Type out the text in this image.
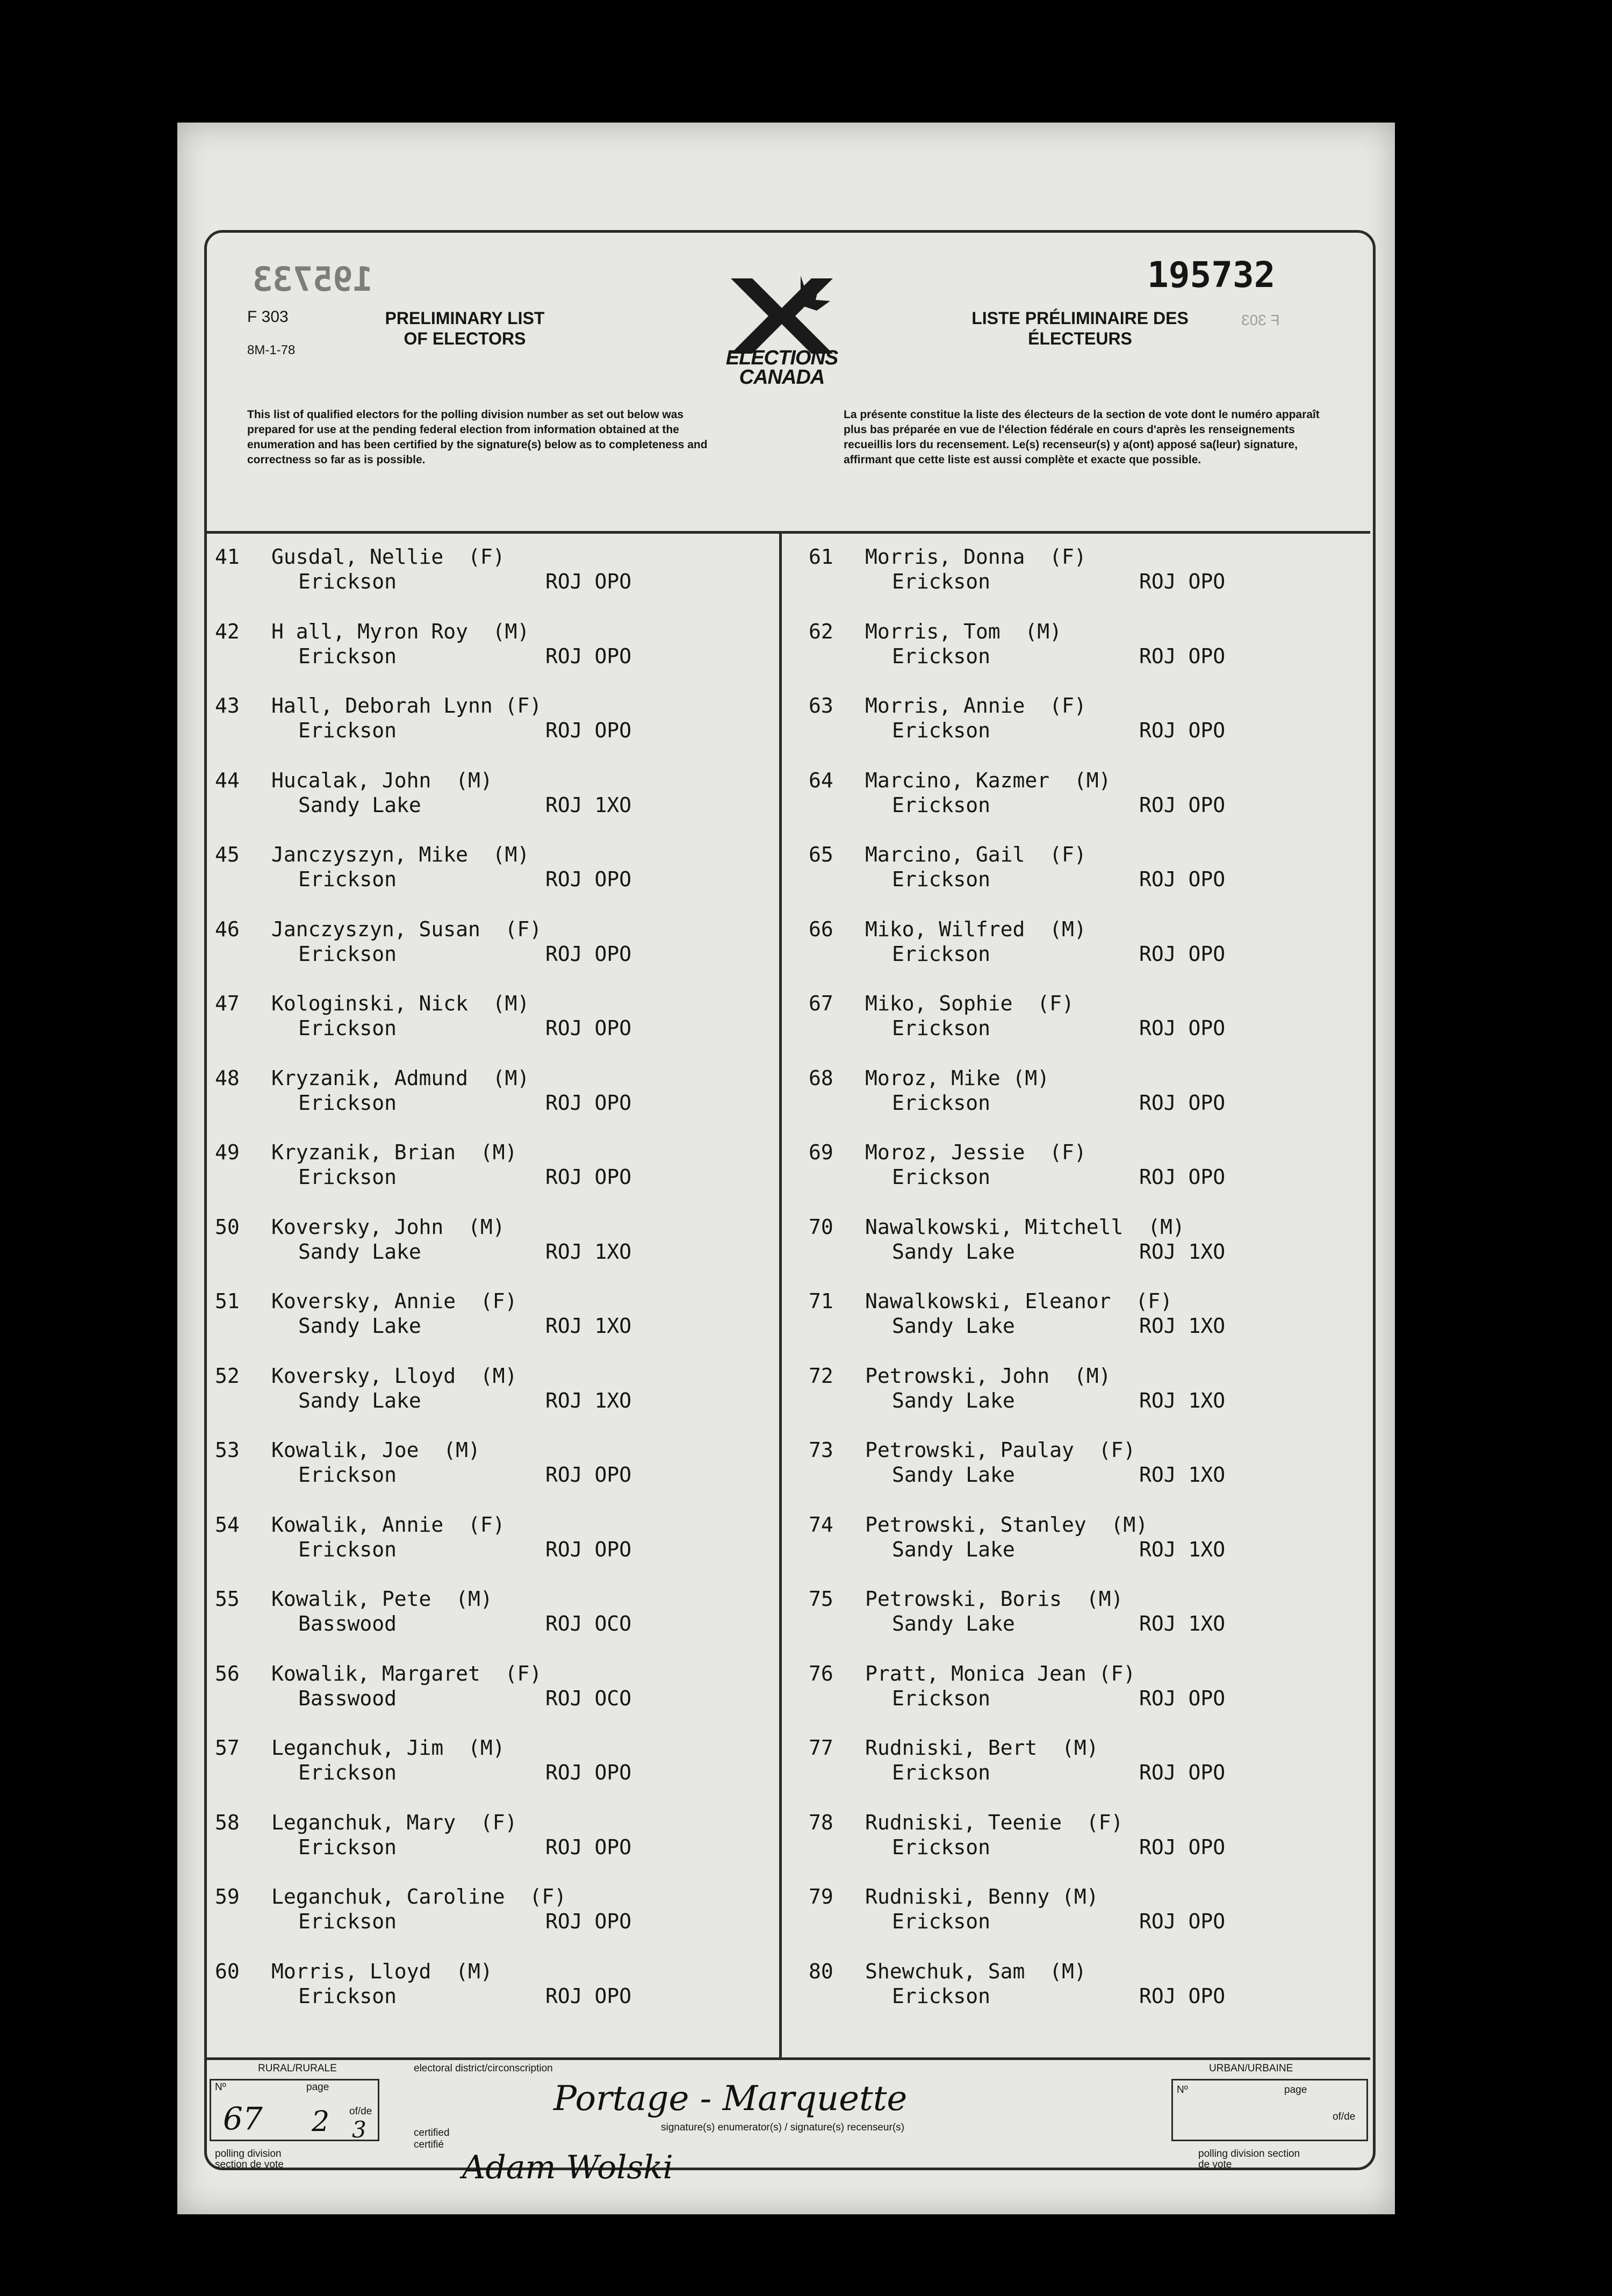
195733	195732
F 303
8M-1-78
PRELIMINARY LIST OF ELECTORS
LISTE PRÉLIMINAIRE DES ÉLECTEURS
F 303
ELECTIONS CANADA
This list of qualified electors for the polling division number as set out below was prepared for use at the pending federal election from information obtained at the enumeration and has been certified by the signature(s) below as to completeness and correctness so far as is possible.
La présente constitue la liste des électeurs de la section de vote dont le numéro apparaît plus bas préparée en vue de l'élection fédérale en cours d'après les renseignements recueillis lors du recensement. Le(s) recenseur(s) y a(ont) apposé sa(leur) signature, affirmant que cette liste est aussi complète et exacte que possible.
41	Gusdal, Nellie  (F)
Erickson	ROJ OPO
42	H all, Myron Roy  (M)
Erickson	ROJ OPO
43	Hall, Deborah Lynn (F)
Erickson	ROJ OPO
44	Hucalak, John  (M)
Sandy Lake	ROJ 1XO
45	Janczyszyn, Mike  (M)
Erickson	ROJ OPO
46	Janczyszyn, Susan  (F)
Erickson	ROJ OPO
47	Kologinski, Nick  (M)
Erickson	ROJ OPO
48	Kryzanik, Admund  (M)
Erickson	ROJ OPO
49	Kryzanik, Brian  (M)
Erickson	ROJ OPO
50	Koversky, John  (M)
Sandy Lake	ROJ 1XO
51	Koversky, Annie  (F)
Sandy Lake	ROJ 1XO
52	Koversky, Lloyd  (M)
Sandy Lake	ROJ 1XO
53	Kowalik, Joe  (M)
Erickson	ROJ OPO
54	Kowalik, Annie  (F)
Erickson	ROJ OPO
55	Kowalik, Pete  (M)
Basswood	ROJ OCO
56	Kowalik, Margaret  (F)
Basswood	ROJ OCO
57	Leganchuk, Jim  (M)
Erickson	ROJ OPO
58	Leganchuk, Mary  (F)
Erickson	ROJ OPO
59	Leganchuk, Caroline  (F)
Erickson	ROJ OPO
60	Morris, Lloyd  (M)
Erickson	ROJ OPO
61	Morris, Donna  (F)
Erickson	ROJ OPO
62	Morris, Tom  (M)
Erickson	ROJ OPO
63	Morris, Annie  (F)
Erickson	ROJ OPO
64	Marcino, Kazmer  (M)
Erickson	ROJ OPO
65	Marcino, Gail  (F)
Erickson	ROJ OPO
66	Miko, Wilfred  (M)
Erickson	ROJ OPO
67	Miko, Sophie  (F)
Erickson	ROJ OPO
68	Moroz, Mike (M)
Erickson	ROJ OPO
69	Moroz, Jessie  (F)
Erickson	ROJ OPO
70	Nawalkowski, Mitchell  (M)
Sandy Lake	ROJ 1XO
71	Nawalkowski, Eleanor  (F)
Sandy Lake	ROJ 1XO
72	Petrowski, John  (M)
Sandy Lake	ROJ 1XO
73	Petrowski, Paulay  (F)
Sandy Lake	ROJ 1XO
74	Petrowski, Stanley  (M)
Sandy Lake	ROJ 1XO
75	Petrowski, Boris  (M)
Sandy Lake	ROJ 1XO
76	Pratt, Monica Jean (F)
Erickson	ROJ OPO
77	Rudniski, Bert  (M)
Erickson	ROJ OPO
78	Rudniski, Teenie  (F)
Erickson	ROJ OPO
79	Rudniski, Benny (M)
Erickson	ROJ OPO
80	Shewchuk, Sam  (M)
Erickson	ROJ OPO
RURAL/RURALE	URBAN/URBAINE
electoral district/circonscription
Portage - Marquette
signature(s) enumerator(s) / signature(s) recenseur(s)
certified certifié
Nº	page
of/de
67 2 3
polling division section de vote
Nº	page
of/de
polling division section de vote
Adam Wolski
